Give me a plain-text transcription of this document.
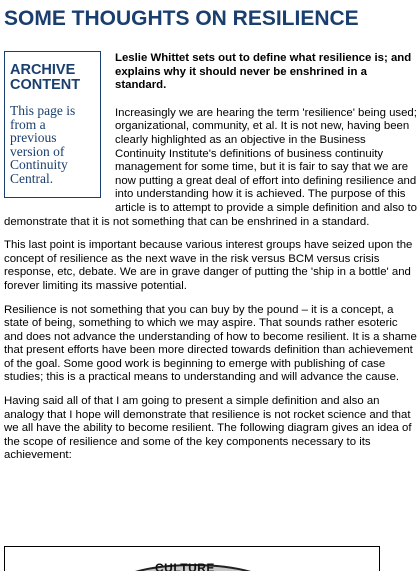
SOME THOUGHTS ON RESILIENCE
ARCHIVE
CONTENT
This page is
from a
previous
version of
Continuity
Central.

Leslie Whittet sets out to define what resilience is; and explains why it should never be enshrined in a standard.

Increasingly we are hearing the term 'resilience' being used; organizational, community, et al. It is not new, having been clearly highlighted as an objective in the Business Continuity Institute's definitions of business continuity management for some time, but it is fair to say that we are now putting a great deal of effort into defining resilience and into understanding how it is achieved. The purpose of this article is to attempt to provide a simple definition and also to demonstrate that it is not something that can be enshrined in a standard.

This last point is important because various interest groups have seized upon the concept of resilience as the next wave in the risk versus BCM versus crisis response, etc, debate. We are in grave danger of putting the 'ship in a bottle' and forever limiting its massive potential.

Resilience is not something that you can buy by the pound – it is a concept, a state of being, something to which we may aspire. That sounds rather esoteric and does not advance the understanding of how to become resilient. It is a shame that present efforts have been more directed towards definition than achievement of the goal. Some good work is beginning to emerge with publishing of case studies; this is a practical means to understanding and will advance the cause.

Having said all of that I am going to present a simple definition and also an analogy that I hope will demonstrate that resilience is not rocket science and that we all have the ability to become resilient. The following diagram gives an idea of the scope of resilience and some of the key components necessary to its achievement:

CULTURE
